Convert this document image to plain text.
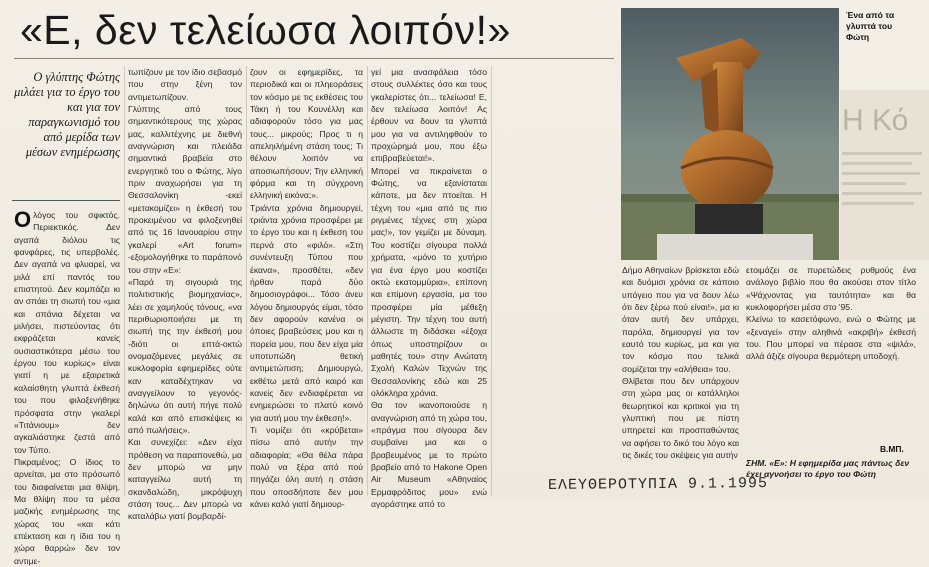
«Ε, δεν τελείωσα λοιπόν!»
Ο γλύπτης Φώτης μιλάει για το έργο του και για τον παραγκωνισμό του από μερίδα των μέσων ενημέρωσης
Ο λόγος του σφικτός. Περιεκτικός. Δεν αγαπά διόλου τις φανφάρες, τις υπερβολές. Δεν αγαπά να φλυαρεί, να μιλά επί παντός του επιστητού. Δεν κομπάζει κι αν σπάει τη σιωπή του «μια και σπάνια δέχεται να μιλήσει, πιστεύοντας ότι εκφράζεται κανείς ουσιαστικότερα μέσω του έργου του κυρίως» είναι γιατί η με εξαιρετικά καλαίσθητη γλυπτά έκθεσή του που φιλοξενήθηκε πρόσφατα στην γκαλερί «Τιτάνιουμ» δεν αγκαλιάστηκε ζεστά από τον Τύπο.
Πικραμένος; Ο ίδιος το αρνείται, μα στο πρόσωπό του διαφαίνεται μια θλίψη. Μα θλίψη που τα μέσα μαζικής ενημέρωσης της χώρας του «και κάτι επέκταση και η ίδια του η χώρα θαρρώ» δεν τον αντιμε-
τωπίζουν με τον ίδιο σεβασμό που στην ξένη τον αντιμετωπίζουν.
Γλύπτης από τους σημαντικότερους της χώρας μας, καλλιτέχνης με διεθνή αναγνώριση και πλειάδα σημαντικά βραβεία στο ενεργητικό του ο Φώτης, λίγο πριν αναχωρήσει για τη Θεσσαλονίκη -εκεί «μετακομίζει» η έκθεσή του προκειμένου να φιλοξενηθεί από τις 16 Ιανουαρίου στην γκαλερί «Art forum» -εξομολογήθηκε το παράπονό του στην «Ε»:
«Παρά τη σιγουριά της πολιτιστικής βιομηχανίας», λέει σε χαμηλούς τόνους, «να περιθωριοποιήσει με τη σιωπή της την έκθεσή μου -διότι οι επτά-οκτώ ονομαζόμενες μεγάλες σε κυκλοφορία εφημερίδες ούτε καν καταδέχτηκαν να αναγγείλουν το γεγονός- δηλώνω ότι αυτή πήγε πολύ καλά και από επισκέψεις κι από πωλήσεις».
Και συνεχίζει: «Δεν είχα πρόθεση να παραπονεθώ, μα δεν μπορώ να μην καταγγείλω αυτή τη σκανδαλώδη, μικρόψυχη στάση τους... Δεν μπορώ να καταλάβω γιατί βομβαρδί-
ζουν οι εφημερίδες, τα περιοδικά και οι πληεοράσεις τον κόσμο με τις εκθέσεις του Τάκη ή του Κουνέλλη και αδιαφορούν τόσο για μας τους... μικρούς; Προς τι η απεληιλήμένη στάση τους; Τι θέλουν λοιπόν να αποσιωπήσουν; Την ελληνική φόρμα και τη σύγχρονη ελληνική εικόνα;».
Τριάντα χρόνια δημιουργεί, τριάντα χρόνια προσφέρει με το έργο του και η έκθεση του περνά στο «φιλό». «Στη συνέντευξη Τύπου που έκανα», προσθέτει, «δεν ήρθαν παρά δύο δημοσιογράφοι... Τόσο άνευ λόγου δημιουργός είμαι, τόσο δεν αφορούν κανένα οι όποιες βραβεύσεις μου και η πορεία μου, που δεν είχα μία υποτυπώδη θετική αντιμετώπιση; Δημιουργώ, εκθέτω μετά από καιρό και κανείς δεν ενδιαφέρεται να ενημερώσει το πλατύ κοινό για αυτή μου την έκθεση!».
Τι νομίζει ότι «κρύβεται» πίσω από αυτήν την αδιαφορία; «Θα θέλα πάρα πολύ να ξέρα από πού πηγάζει όλη αυτή η στάση που οποσδήποτε δεν μου κάνει καλό γιατί δημιουρ-
γεί μια ανασφάλεια τόσο στους συλλέκτες όσο και τους γκαλερίστες ότι... τελείωσα! Ε, δεν τελείωσα λοιπόν! Ας έρθουν να δουν τα γλυπτά μου για να αντιληφθούν το προχώρημά μου, που έξω επιβραβεύεται!».
Μπορεί να πικραίνεται ο Φώτης, να εξανίσταται κάποτε, μα δεν πτοείται. Η τέχνη του «μια από τις πιο ριγμένες τέχνες στη χώρα μας!», τον γεμίζει με δύναμη. Του κοστίζει σίγουρα πολλά χρήματα, «μόνο το χυτήριο για ένα έργο μου κοστίζει οκτώ εκατομμύρια», επίπονη και επίμονη εργασία, μα του προσφέρει μία μέθεξη μέγιστη. Την τέχνη του αυτή άλλωστε τη διδάσκει «έξοχα όπως υποστηρίζουν οι μαθητές του» στην Ανώτατη Σχολή Καλών Τεχνών της Θεσσαλονίκης εδώ και 25 ολόκληρα χρόνια.
Θα τον ικανοποιούσε η αναγνώριση από τη χώρα του, «πράγμα που σίγουρα δεν συμβαίνει μια και ο βραβευμένος με το πρώτο βραβείο από το Hakone Open Air Museum «Αθηναίος Ερμαφρόδιτος μου» ενώ αγοράστηκε από το
Δήμο Αθηναίων βρίσκεται εδώ και δυόμισι χρόνια σε κάποιο υπόγειο που για να δουν λέω ότι δεν ξέρω πού είναι!», μα κι όταν αυτή δεν υπάρχει, παρόλα, δημιουργεί για τον εαυτό του κυρίως, μα και για τον κόσμο που τελικά σομίζεται την «αλήθεια» του.
Θλίβεται που δεν υπάρχουν στη χώρα μας οι κατάλληλοι θεωρητικοί και κριτικοί για τη γλυπτική που με πίστη υπηρετεί και προσπαθώντας να αφήσει το δικό του λόγο και τις δικές του σκέψεις για αυτήν
ετοιμάζει σε πυρετώδεις ρυθμούς ένα ανάλογο βιβλίο που θα ακούσει στον τίτλο «Ψάχνοντας για ταυτότητα» και θα κυκλοφορήσει μέσα στο '95.
Κλείνω το κασετόφωνο, ενώ ο Φώτης με «ξεναγεί» στην αληθινά «ακριβή» έκθεσή του. Που μπορεί να πέρασε στα «ψιλά», αλλά άξιζε σίγουρα θερμότερη υποδοχή.
Η Κό
Ένα από τα
γλυπτά του
Φώτη
Β.ΜΠ.
ΣΗΜ. «Ε»: Η εφημερίδα μας πάντως δεν έχει αγνοήσει το έργο του Φώτη
ΕΛΕΥΘΕΡΟΤΥΠΙΑ 9.1.1995
